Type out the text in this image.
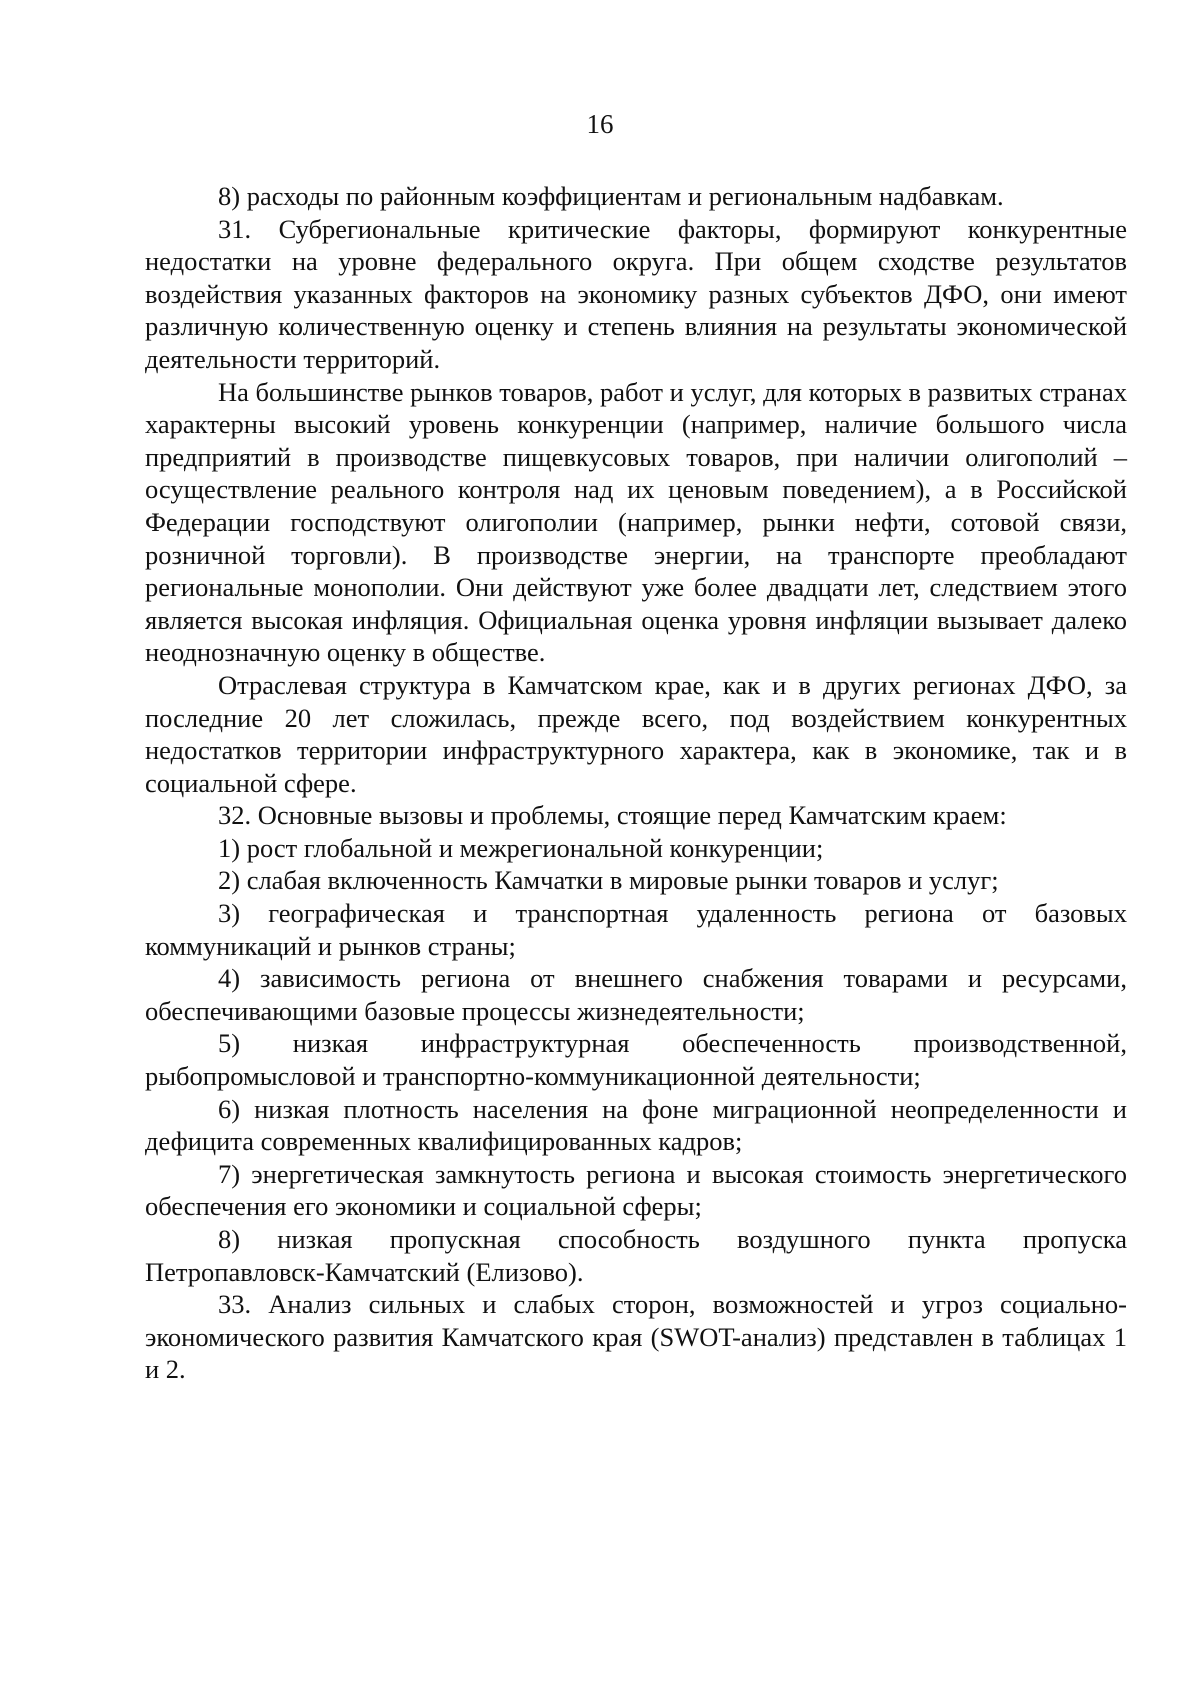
16

8) расходы по районным коэффициентам и региональным надбавкам.

31. Субрегиональные критические факторы, формируют конкурентные недостатки на уровне федерального округа. При общем сходстве результатов воздействия указанных факторов на экономику разных субъектов ДФО, они имеют различную количественную оценку и степень влияния на результаты экономической деятельности территорий.

На большинстве рынков товаров, работ и услуг, для которых в развитых странах характерны высокий уровень конкуренции (например, наличие большого числа предприятий в производстве пищевкусовых товаров, при наличии олигополий – осуществление реального контроля над их ценовым поведением), а в Российской Федерации господствуют олигополии (например, рынки нефти, сотовой связи, розничной торговли). В производстве энергии, на транспорте преобладают региональные монополии. Они действуют уже более двадцати лет, следствием этого является высокая инфляция. Официальная оценка уровня инфляции вызывает далеко неоднозначную оценку в обществе.

Отраслевая структура в Камчатском крае, как и в других регионах ДФО, за последние 20 лет сложилась, прежде всего, под воздействием конкурентных недостатков территории инфраструктурного характера, как в экономике, так и в социальной сфере.

32. Основные вызовы и проблемы, стоящие перед Камчатским краем:

1) рост глобальной и межрегиональной конкуренции;

2) слабая включенность Камчатки в мировые рынки товаров и услуг;

3) географическая и транспортная удаленность региона от базовых коммуникаций и рынков страны;

4) зависимость региона от внешнего снабжения товарами и ресурсами, обеспечивающими базовые процессы жизнедеятельности;

5) низкая инфраструктурная обеспеченность производственной, рыбопромысловой и транспортно-коммуникационной деятельности;

6) низкая плотность населения на фоне миграционной неопределенности и дефицита современных квалифицированных кадров;

7) энергетическая замкнутость региона и высокая стоимость энергетического обеспечения его экономики и социальной сферы;

8) низкая пропускная способность воздушного пункта пропуска Петропавловск-Камчатский (Елизово).

33. Анализ сильных и слабых сторон, возможностей и угроз социально-экономического развития Камчатского края (SWOT-анализ) представлен в таблицах 1 и 2.
